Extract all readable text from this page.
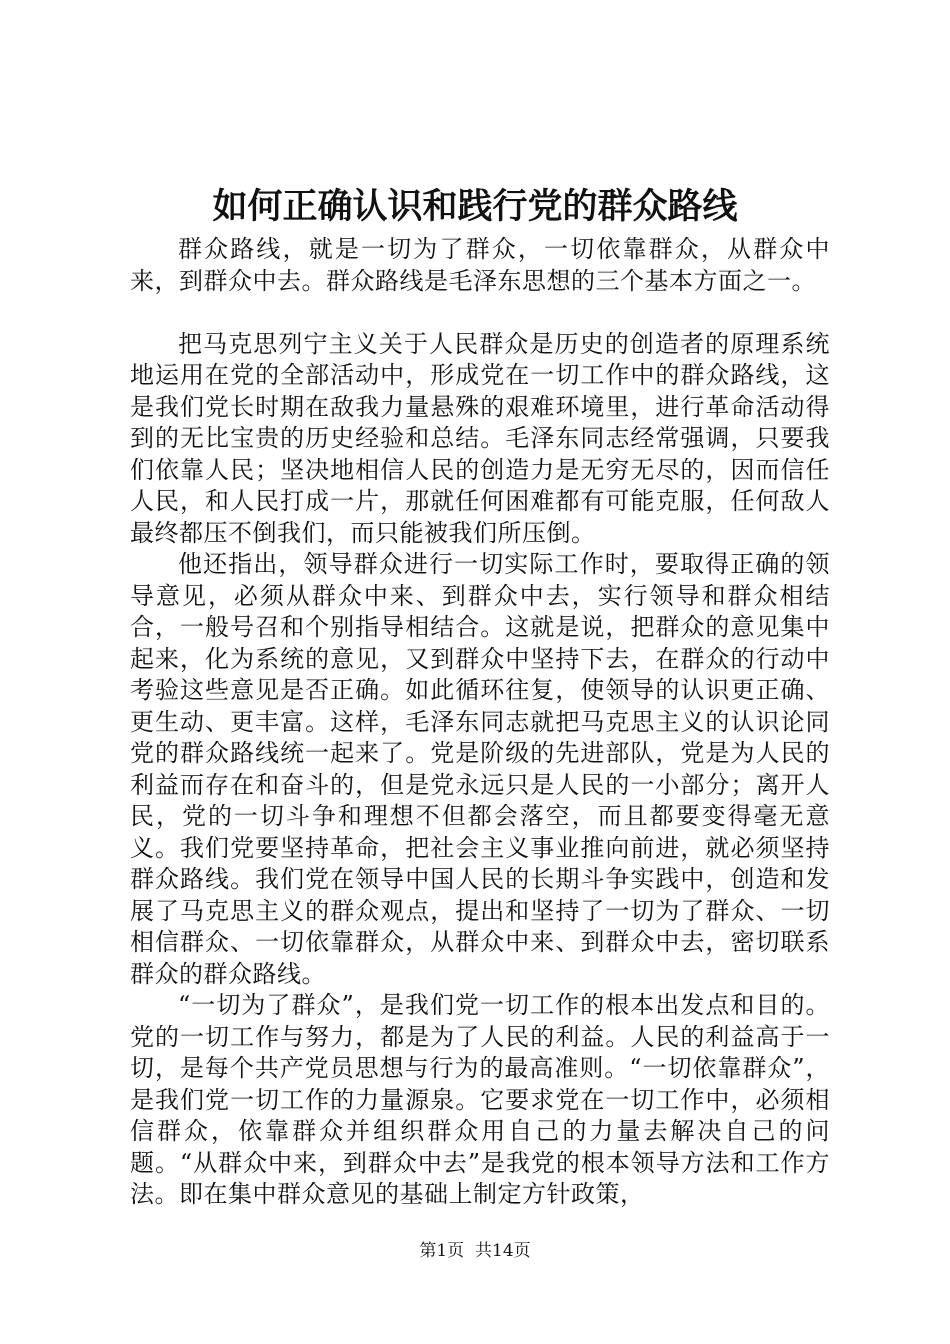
如何正确认识和践行党的群众路线

群众路线，就是一切为了群众，一切依靠群众，从群众中来，到群众中去。群众路线是毛泽东思想的三个基本方面之一。

把马克思列宁主义关于人民群众是历史的创造者的原理系统地运用在党的全部活动中，形成党在一切工作中的群众路线，这是我们党长时期在敌我力量悬殊的艰难环境里，进行革命活动得到的无比宝贵的历史经验和总结。毛泽东同志经常强调，只要我们依靠人民；坚决地相信人民的创造力是无穷无尽的，因而信任人民，和人民打成一片，那就任何困难都有可能克服，任何敌人最终都压不倒我们，而只能被我们所压倒。

他还指出，领导群众进行一切实际工作时，要取得正确的领导意见，必须从群众中来、到群众中去，实行领导和群众相结合，一般号召和个别指导相结合。这就是说，把群众的意见集中起来，化为系统的意见，又到群众中坚持下去，在群众的行动中考验这些意见是否正确。如此循环往复，使领导的认识更正确、更生动、更丰富。这样，毛泽东同志就把马克思主义的认识论同党的群众路线统一起来了。党是阶级的先进部队，党是为人民的利益而存在和奋斗的，但是党永远只是人民的一小部分；离开人民，党的一切斗争和理想不但都会落空，而且都要变得毫无意义。我们党要坚持革命，把社会主义事业推向前进，就必须坚持群众路线。我们党在领导中国人民的长期斗争实践中，创造和发展了马克思主义的群众观点，提出和坚持了一切为了群众、一切相信群众、一切依靠群众，从群众中来、到群众中去，密切联系群众的群众路线。

“一切为了群众”，是我们党一切工作的根本出发点和目的。党的一切工作与努力，都是为了人民的利益。人民的利益高于一切，是每个共产党员思想与行为的最高准则。“一切依靠群众”，是我们党一切工作的力量源泉。它要求党在一切工作中，必须相信群众，依靠群众并组织群众用自己的力量去解决自己的问题。“从群众中来，到群众中去”是我党的根本领导方法和工作方法。即在集中群众意见的基础上制定方针政策，

第1页 共14页
